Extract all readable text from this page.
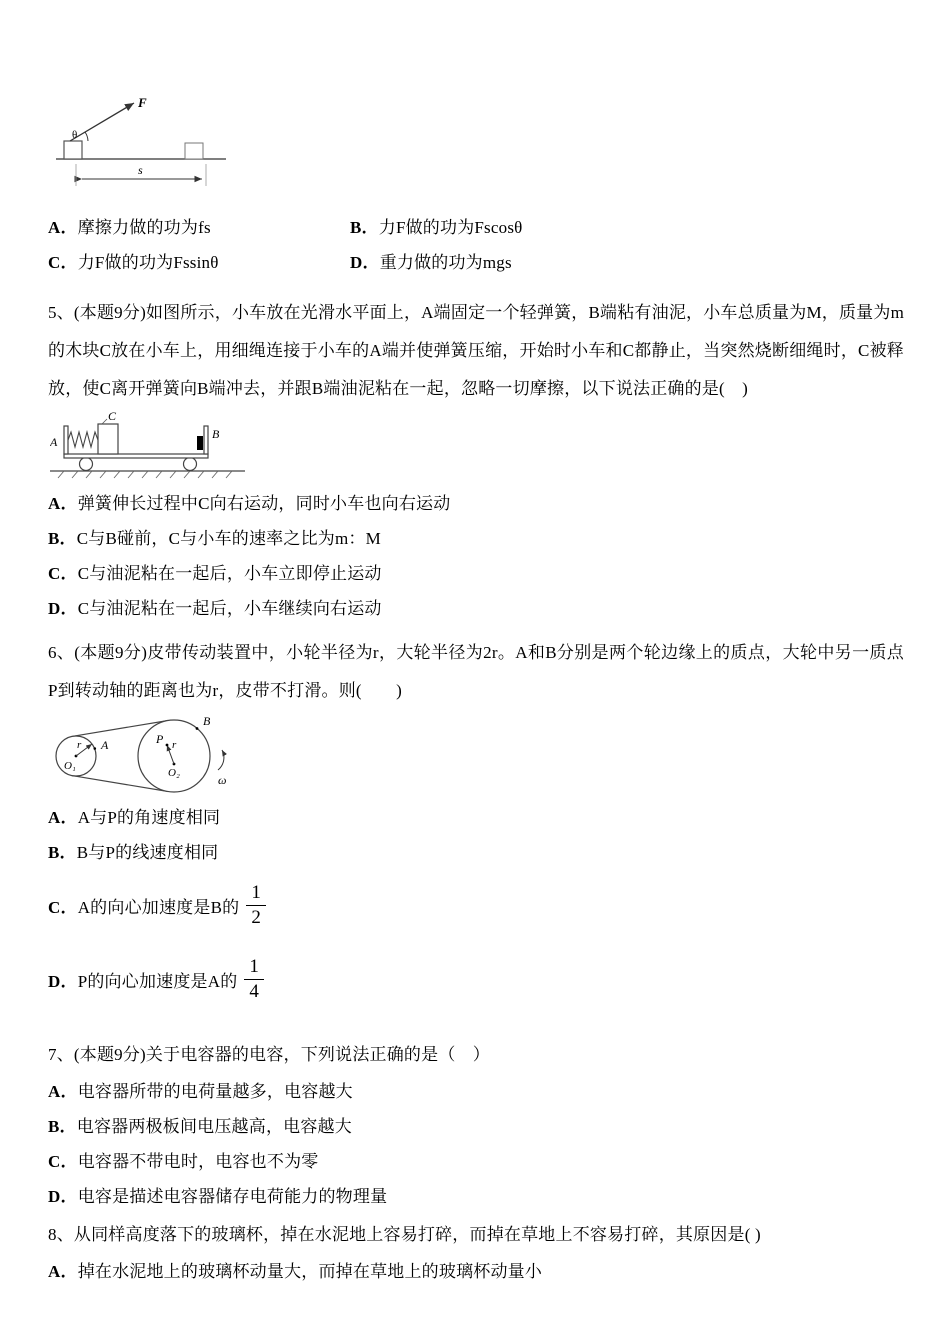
F
θ
s
A．摩擦力做的功为fs	B．力F做的功为Fscosθ
C．力F做的功为Fssinθ	D．重力做的功为mgs

5、(本题9分)如图所示，小车放在光滑水平面上，A端固定一个轻弹簧，B端粘有油泥，小车总质量为M，质量为m的木块C放在小车上，用细绳连接于小车的A端并使弹簧压缩，开始时小车和C都静止，当突然烧断细绳时，C被释放，使C离开弹簧向B端冲去，并跟B端油泥粘在一起，忽略一切摩擦，以下说法正确的是(　)

C
A
B
A．弹簧伸长过程中C向右运动，同时小车也向右运动
B．C与B碰前，C与小车的速率之比为m：M
C．C与油泥粘在一起后，小车立即停止运动
D．C与油泥粘在一起后，小车继续向右运动

6、(本题9分)皮带传动装置中，小轮半径为r，大轮半径为2r。A和B分别是两个轮边缘上的质点，大轮中另一质点P到转动轴的距离也为r，皮带不打滑。则(　　)

r
O₁
A
O₂
r
P
B
ω
A．A与P的角速度相同
B．B与P的线速度相同
C． A的向心加速度是B的 $\frac{1}{2}$
D． P的向心加速度是A的 $\frac{1}{4}$

7、(本题9分)关于电容器的电容，下列说法正确的是（　）

A．电容器所带的电荷量越多，电容越大
B．电容器两极板间电压越高，电容越大
C．电容器不带电时，电容也不为零
D．电容是描述电容器储存电荷能力的物理量

8、从同样高度落下的玻璃杯，掉在水泥地上容易打碎，而掉在草地上不容易打碎，其原因是( )

A．掉在水泥地上的玻璃杯动量大，而掉在草地上的玻璃杯动量小
